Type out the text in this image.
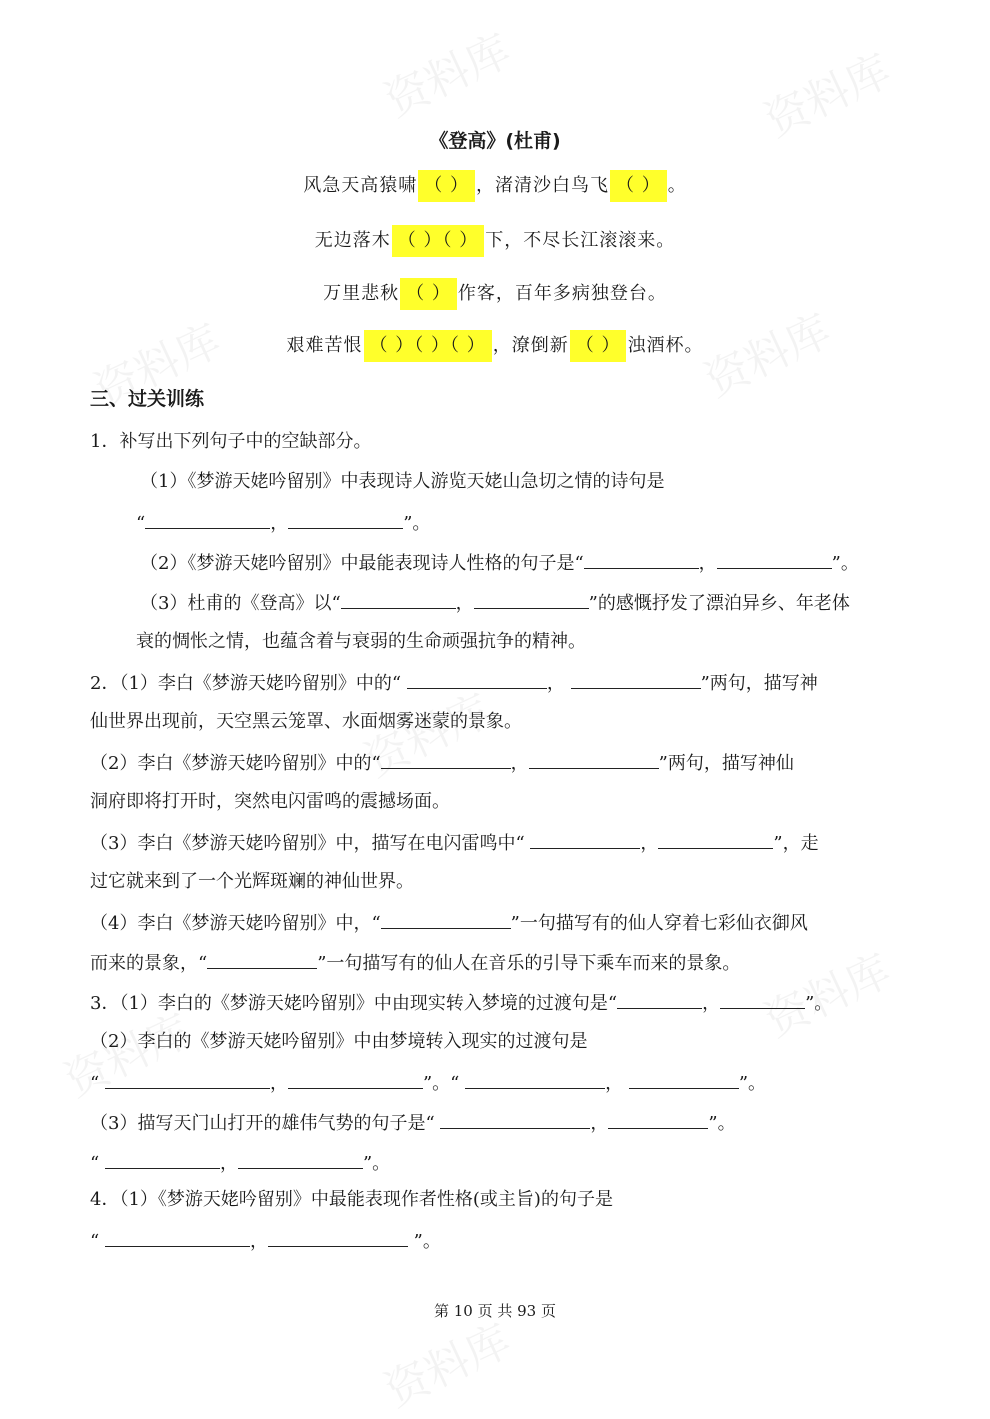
《登高》(杜甫)
风急天高猿啸 （ ） ，渚清沙白鸟飞 （ ） 。
无边落木 （ ）（ ） 下，不尽长江滚滚来。
万里悲秋 （ ） 作客，百年多病独登台。
艰难苦恨 （ ）（ ）（ ） ，潦倒新 （ ） 浊酒杯。
三、过关训练
1．补写出下列句子中的空缺部分。
（1）《梦游天姥吟留别》中表现诗人游览天姥山急切之情的诗句是
“	，	”。
（2）《梦游天姥吟留别》中最能表现诗人性格的句子是“	，	”。
（3）杜甫的《登高》以“	，	”的感慨抒发了漂泊异乡、年老体
衰的惆怅之情，也蕴含着与衰弱的生命顽强抗争的精神。
2．（1）李白《梦游天姥吟留别》中的“	，	”两句，描写神
仙世界出现前，天空黑云笼罩、水面烟雾迷蒙的景象。
（2）李白《梦游天姥吟留别》中的“	，	”两句，描写神仙
洞府即将打开时，突然电闪雷鸣的震撼场面。
（3）李白《梦游天姥吟留别》中，描写在电闪雷鸣中“	，	”，走
过它就来到了一个光辉斑斓的神仙世界。
（4）李白《梦游天姥吟留别》中，“	”一句描写有的仙人穿着七彩仙衣御风
而来的景象，“	”一句描写有的仙人在音乐的引导下乘车而来的景象。
3．（1）李白的《梦游天姥吟留别》中由现实转入梦境的过渡句是“	，	”。
（2）李白的《梦游天姥吟留别》中由梦境转入现实的过渡句是
“	，	”。“	，	”。
（3）描写天门山打开的雄伟气势的句子是“	，	”。
“	，	”。
4．（1）《梦游天姥吟留别》中最能表现作者性格(或主旨)的句子是
“	，	”。
第 10 页 共 93 页
